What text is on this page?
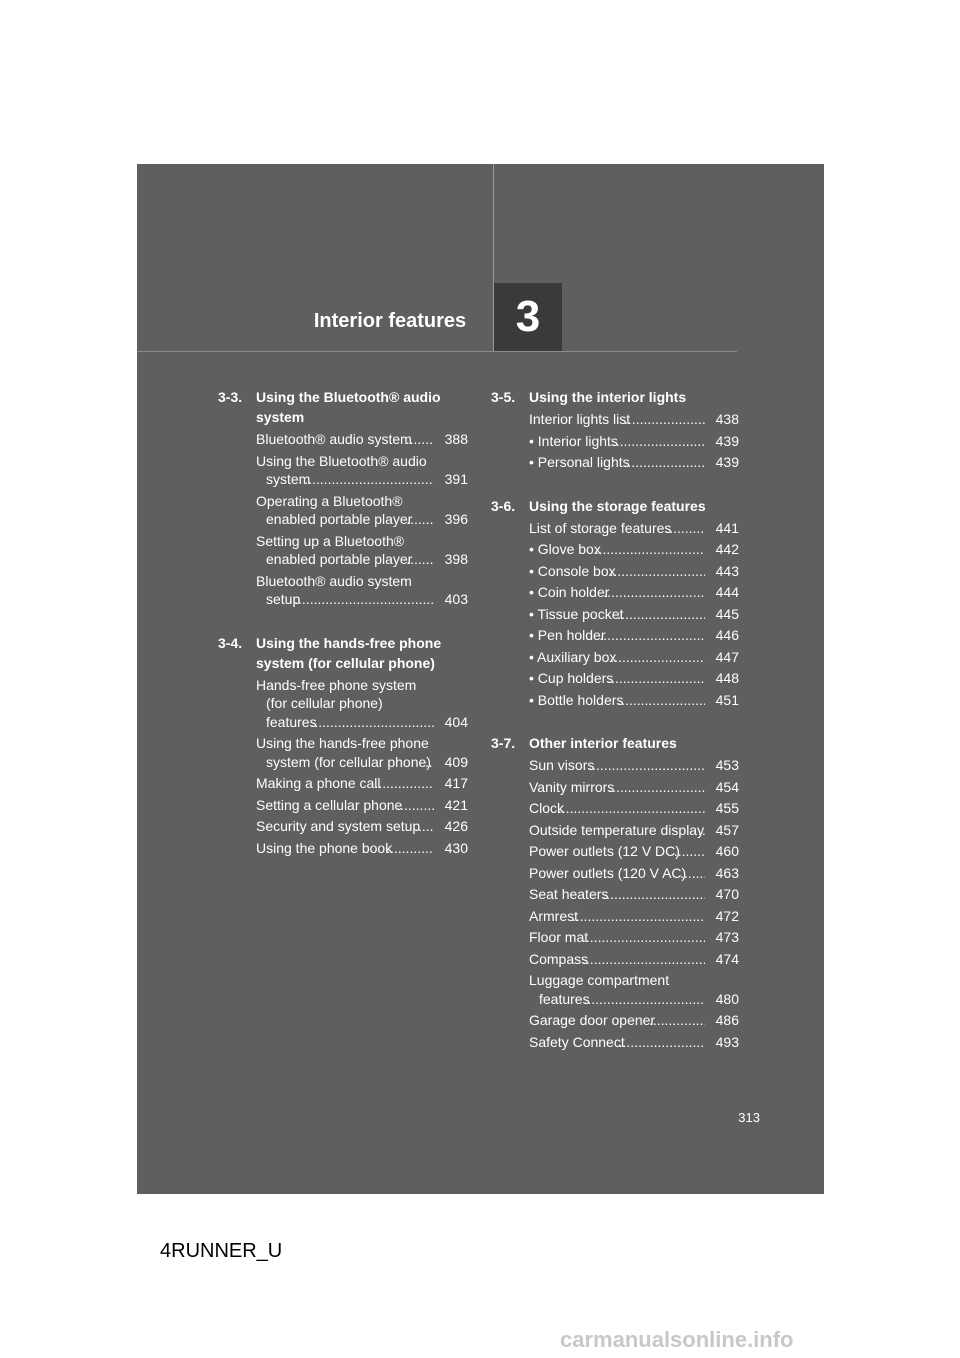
Interior features	3
3-3. Using the Bluetooth® audio system
Bluetooth® audio system .....	388
Using the Bluetooth® audio system .....	391
Operating a Bluetooth® enabled portable player .....	396
Setting up a Bluetooth® enabled portable player .....	398
Bluetooth® audio system setup .....	403
3-4. Using the hands-free phone system (for cellular phone)
Hands-free phone system (for cellular phone) features .....	404
Using the hands-free phone system (for cellular phone) ..... 409
Making a phone call .....	417
Setting a cellular phone .....	421
Security and system setup .....	426
Using the phone book .....	430
3-5. Using the interior lights
Interior lights list .....	438
• Interior lights .....	439
• Personal lights .....	439
3-6. Using the storage features
List of storage features .....	441
• Glove box .....	442
• Console box .....	443
• Coin holder .....	444
• Tissue pocket .....	445
• Pen holder .....	446
• Auxiliary box .....	447
• Cup holders .....	448
• Bottle holders .....	451
3-7. Other interior features
Sun visors .....	453
Vanity mirrors .....	454
Clock .....	455
Outside temperature display ..... 457
Power outlets (12 V DC) .....	460
Power outlets (120 V AC) .....	463
Seat heaters .....	470
Armrest .....	472
Floor mat .....	473
Compass .....	474
Luggage compartment features .....	480
Garage door opener .....	486
Safety Connect .....	493
313
4RUNNER_U
carmanualsonline.info
